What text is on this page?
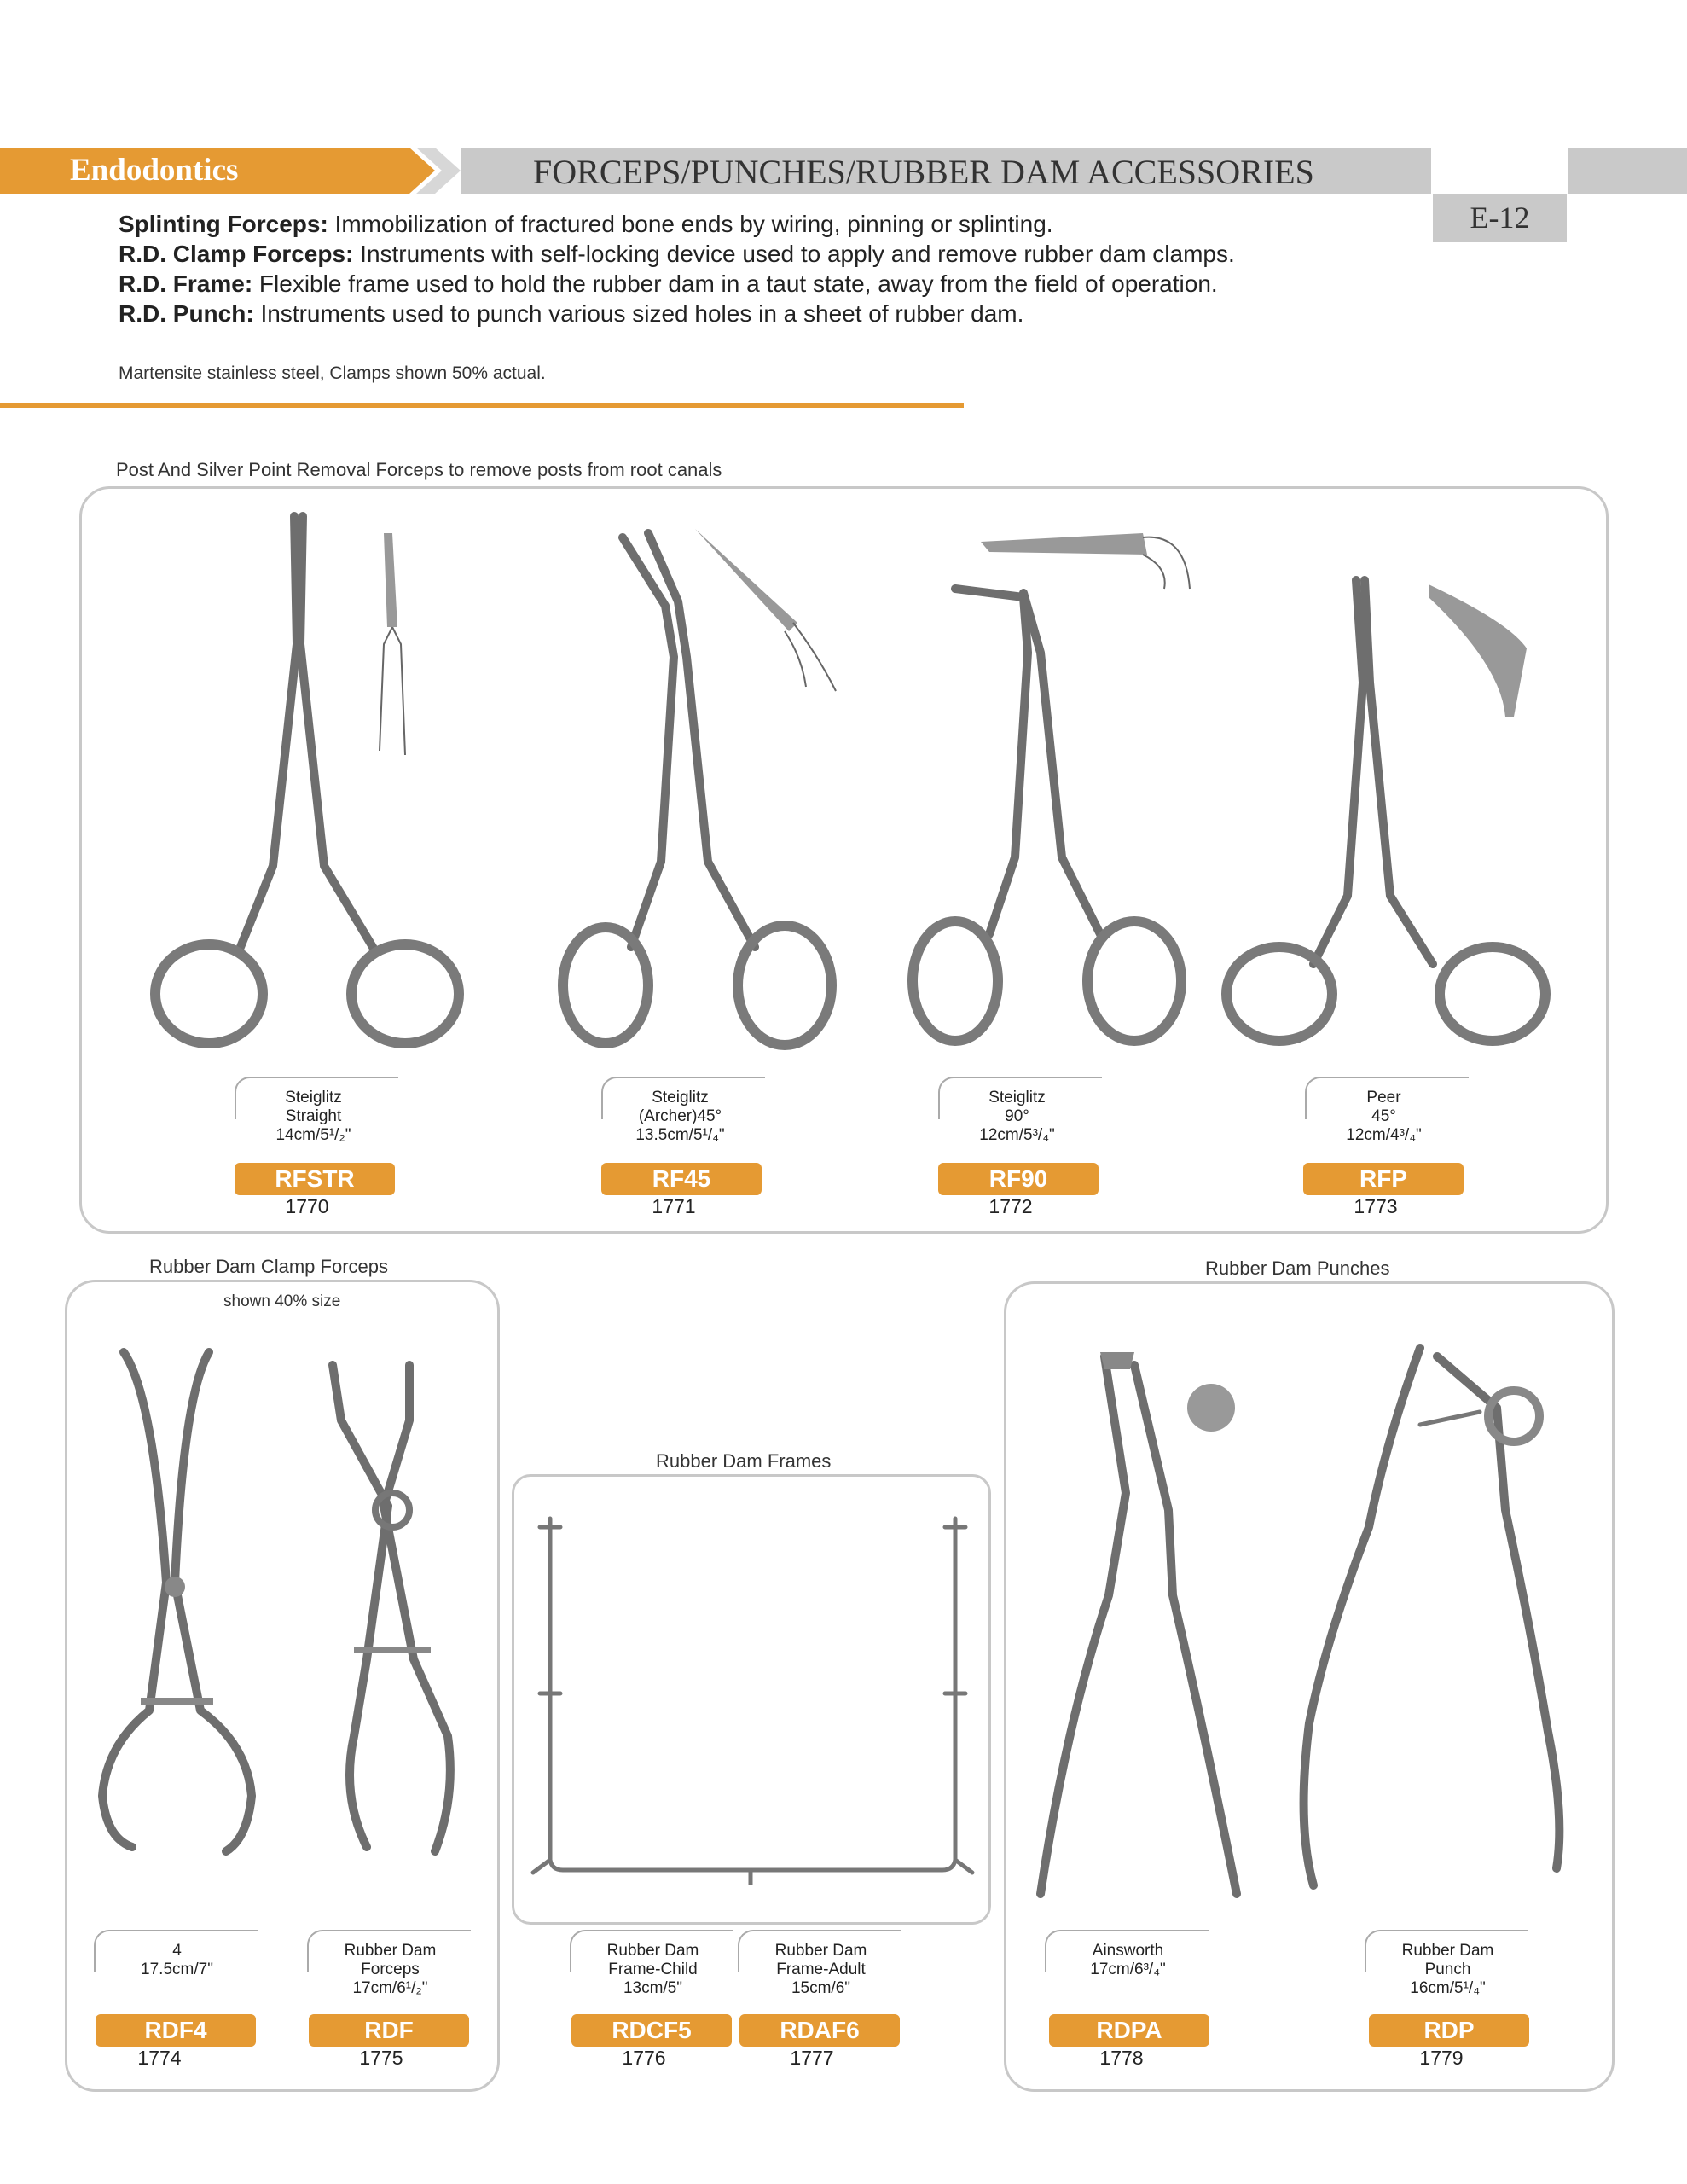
Endodontics	FORCEPS/PUNCHES/RUBBER DAM ACCESSORIES
E-12
Splinting Forceps: Immobilization of fractured bone ends by wiring, pinning or splinting.
R.D. Clamp Forceps: Instruments with self-locking device used to apply and remove rubber dam clamps.
R.D. Frame: Flexible frame used to hold the rubber dam in a taut state, away from the field of operation.
R.D. Punch: Instruments used to punch various sized holes in a sheet of rubber dam.
Martensite stainless steel, Clamps shown 50% actual.
Post And Silver Point Removal Forceps to remove posts from root canals
Steiglitz
Straight
14cm/5¹/₂"
RFSTR
1770
Steiglitz
(Archer)45°
13.5cm/5¹/₄"
RF45
1771
Steiglitz
90°
12cm/5³/₄"
RF90
1772
Peer
45°
12cm/4³/₄"
RFP
1773
Rubber Dam Clamp Forceps
shown 40% size
4
17.5cm/7"
RDF4
1774
Rubber Dam
Forceps
17cm/6¹/₂"
RDF
1775
Rubber Dam Frames
Rubber Dam
Frame-Child
13cm/5"
RDCF5
1776
Rubber Dam
Frame-Adult
15cm/6"
RDAF6
1777
Rubber Dam Punches
Ainsworth
17cm/6³/₄"
RDPA
1778
Rubber Dam
Punch
16cm/5¹/₄"
RDP
1779
